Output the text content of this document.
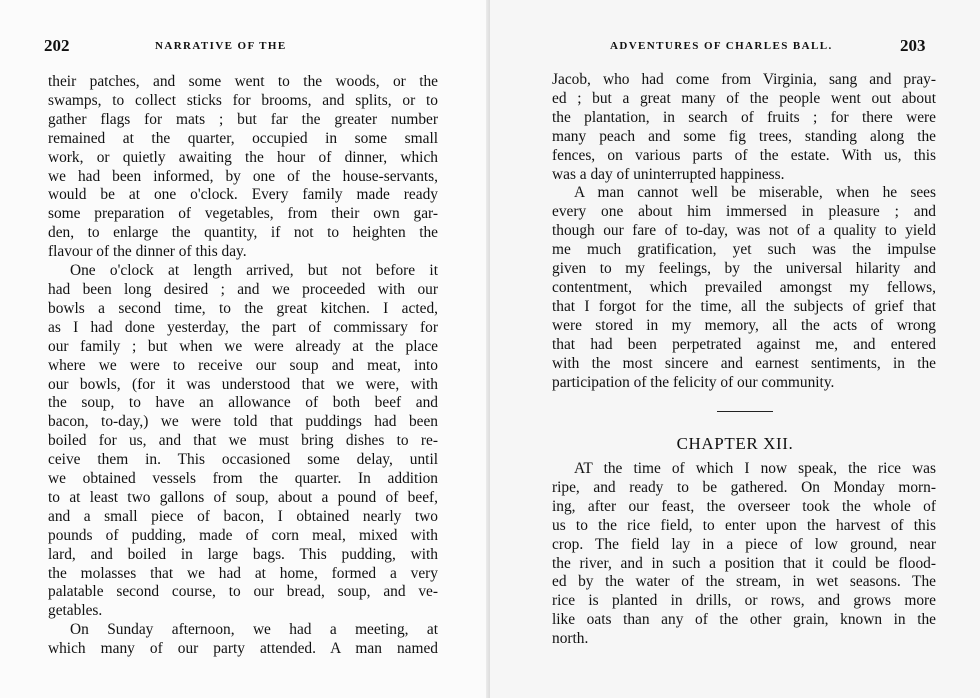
202	NARRATIVE OF THE
their patches, and some went to the woods, or the
swamps, to collect sticks for brooms, and splits, or to
gather flags for mats ; but far the greater number
remained at the quarter, occupied in some small
work, or quietly awaiting the hour of dinner, which
we had been informed, by one of the house-servants,
would be at one o'clock. Every family made ready
some preparation of vegetables, from their own gar-
den, to enlarge the quantity, if not to heighten the
flavour of the dinner of this day.
One o'clock at length arrived, but not before it
had been long desired ; and we proceeded with our
bowls a second time, to the great kitchen. I acted,
as I had done yesterday, the part of commissary for
our family ; but when we were already at the place
where we were to receive our soup and meat, into
our bowls, (for it was understood that we were, with
the soup, to have an allowance of both beef and
bacon, to-day,) we were told that puddings had been
boiled for us, and that we must bring dishes to re-
ceive them in. This occasioned some delay, until
we obtained vessels from the quarter. In addition
to at least two gallons of soup, about a pound of beef,
and a small piece of bacon, I obtained nearly two
pounds of pudding, made of corn meal, mixed with
lard, and boiled in large bags. This pudding, with
the molasses that we had at home, formed a very
palatable second course, to our bread, soup, and ve-
getables.
On Sunday afternoon, we had a meeting, at
which many of our party attended. A man named
ADVENTURES OF CHARLES BALL.	203
Jacob, who had come from Virginia, sang and pray-
ed ; but a great many of the people went out about
the plantation, in search of fruits ; for there were
many peach and some fig trees, standing along the
fences, on various parts of the estate. With us, this
was a day of uninterrupted happiness.
A man cannot well be miserable, when he sees
every one about him immersed in pleasure ; and
though our fare of to-day, was not of a quality to yield
me much gratification, yet such was the impulse
given to my feelings, by the universal hilarity and
contentment, which prevailed amongst my fellows,
that I forgot for the time, all the subjects of grief that
were stored in my memory, all the acts of wrong
that had been perpetrated against me, and entered
with the most sincere and earnest sentiments, in the
participation of the felicity of our community.
CHAPTER XII.
AT the time of which I now speak, the rice was
ripe, and ready to be gathered. On Monday morn-
ing, after our feast, the overseer took the whole of
us to the rice field, to enter upon the harvest of this
crop. The field lay in a piece of low ground, near
the river, and in such a position that it could be flood-
ed by the water of the stream, in wet seasons. The
rice is planted in drills, or rows, and grows more
like oats than any of the other grain, known in the
north.
